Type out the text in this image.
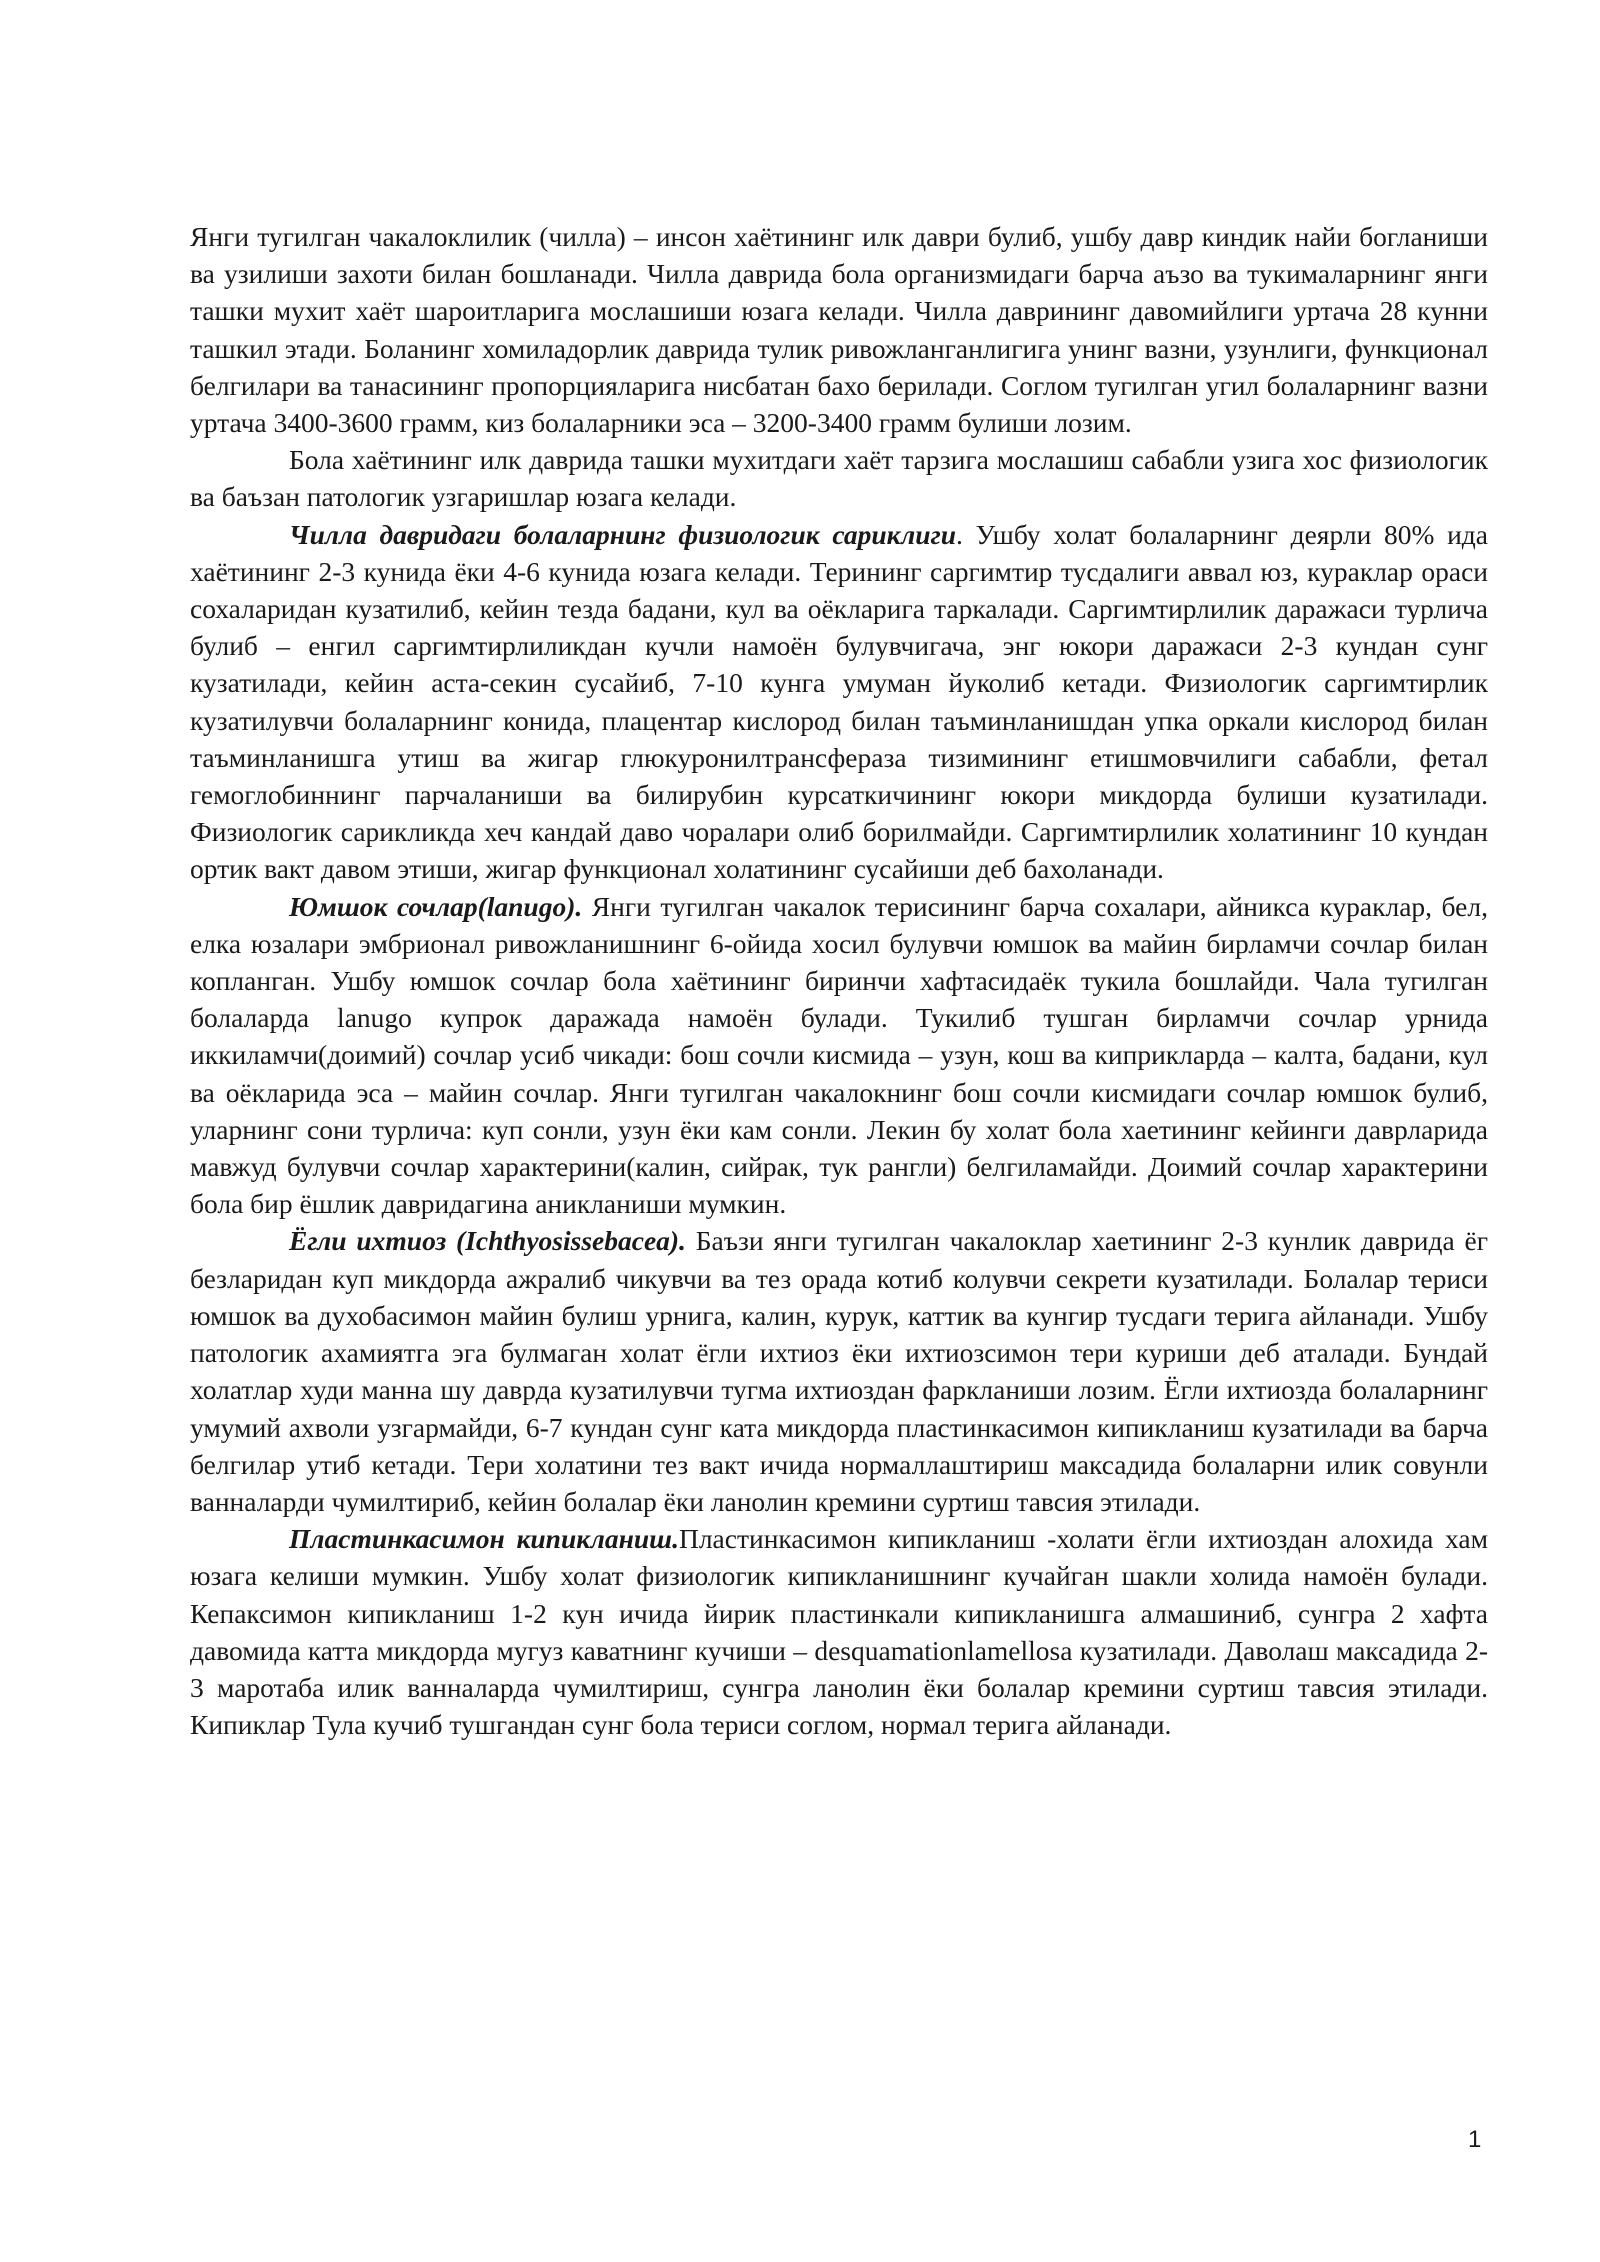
Янги тугилган чакалоклилик (чилла) – инсон хаётининг илк даври булиб, ушбу давр киндик найи богланиши ва узилиши захоти билан бошланади. Чилла даврида бола организмидаги барча аъзо ва тукималарнинг янги ташки мухит хаёт шароитларига мослашиши юзага келади. Чилла даврининг давомийлиги уртача 28 кунни ташкил этади. Боланинг хомиладорлик даврида тулик ривожланганлигига унинг вазни, узунлиги, функционал белгилари ва танасининг пропорцияларига нисбатан бахо берилади. Соглом тугилган угил болаларнинг вазни уртача 3400-3600 грамм, киз болаларники эса – 3200-3400 грамм булиши лозим.

Бола хаётининг илк даврида ташки мухитдаги хаёт тарзига мослашиш сабабли узига хос физиологик ва баъзан патологик узгаришлар юзага келади.

Чилла давридаги болаларнинг физиологик сариклиги. Ушбу холат болаларнинг деярли 80% ида хаётининг 2-3 кунида ёки 4-6 кунида юзага келади. Терининг саргимтир тусдалиги аввал юз, кураклар ораси сохаларидан кузатилиб, кейин тезда бадани, кул ва оёкларига таркалади. Саргимтирлилик даражаси турлича булиб – енгил саргимтирлиликдан кучли намоён булувчигача, энг юкори даражаси 2-3 кундан сунг кузатилади, кейин аста-секин сусайиб, 7-10 кунга умуман йуколиб кетади. Физиологик саргимтирлик кузатилувчи болаларнинг конида, плацентар кислород билан таъминланишдан упка оркали кислород билан таъминланишга утиш ва жигар глюкуронилтрансфераза тизимининг етишмовчилиги сабабли, фетал гемоглобиннинг парчаланиши ва билирубин курсаткичининг юкори микдорда булиши кузатилади. Физиологик сарикликда хеч кандай даво чоралари олиб борилмайди. Саргимтирлилик холатининг 10 кундан ортик вакт давом этиши, жигар функционал холатининг сусайиши деб бахоланади.

Юмшок сочлар(lanugo). Янги тугилган чакалок терисининг барча сохалари, айникса кураклар, бел, елка юзалари эмбрионал ривожланишнинг 6-ойида хосил булувчи юмшок ва майин бирламчи сочлар билан копланган. Ушбу юмшок сочлар бола хаётининг биринчи хафтасидаёк тукила бошлайди. Чала тугилган болаларда lanugo купрок даражада намоён булади. Тукилиб тушган бирламчи сочлар урнида иккиламчи(доимий) сочлар усиб чикади: бош сочли кисмида – узун, кош ва киприкларда – калта, бадани, кул ва оёкларида эса – майин сочлар. Янги тугилган чакалокнинг бош сочли кисмидаги сочлар юмшок булиб, уларнинг сони турлича: куп сонли, узун ёки кам сонли. Лекин бу холат бола хаетининг кейинги даврларида мавжуд булувчи сочлар характерини(калин, сийрак, тук рангли) белгиламайди. Доимий сочлар характерини бола бир ёшлик давридагина аникланиши мумкин.

Ёгли ихтиоз (Ichthyosissebacea). Баъзи янги тугилган чакалоклар хаетининг 2-3 кунлик даврида ёг безларидан куп микдорда ажралиб чикувчи ва тез орада котиб колувчи секрети кузатилади. Болалар териси юмшок ва духобасимон майин булиш урнига, калин, курук, каттик ва кунгир тусдаги терига айланади. Ушбу патологик ахамиятга эга булмаган холат ёгли ихтиоз ёки ихтиозсимон тери куриши деб аталади. Бундай холатлар худи манна шу даврда кузатилувчи тугма ихтиоздан фаркланиши лозим. Ёгли ихтиозда болаларнинг умумий ахволи узгармайди, 6-7 кундан сунг ката микдорда пластинкасимон кипикланиш кузатилади ва барча белгилар утиб кетади. Тери холатини тез вакт ичида нормаллаштириш максадида болаларни илик совунли ванналарди чумилтириб, кейин болалар ёки ланолин кремини суртиш тавсия этилади.

Пластинкасимон кипикланиш.Пластинкасимон кипикланиш -холати ёгли ихтиоздан алохида хам юзага келиши мумкин. Ушбу холат физиологик кипикланишнинг кучайган шакли холида намоён булади. Кепаксимон кипикланиш 1-2 кун ичида йирик пластинкали кипикланишга алмашиниб, сунгра 2 хафта давомида катта микдорда мугуз каватнинг кучиши – desquamationlamellosa кузатилади. Даволаш максадида 2-3 маротаба илик ванналарда чумилтириш, сунгра ланолин ёки болалар кремини суртиш тавсия этилади. Кипиклар Тула кучиб тушгандан сунг бола териси соглом, нормал терига айланади.

1
